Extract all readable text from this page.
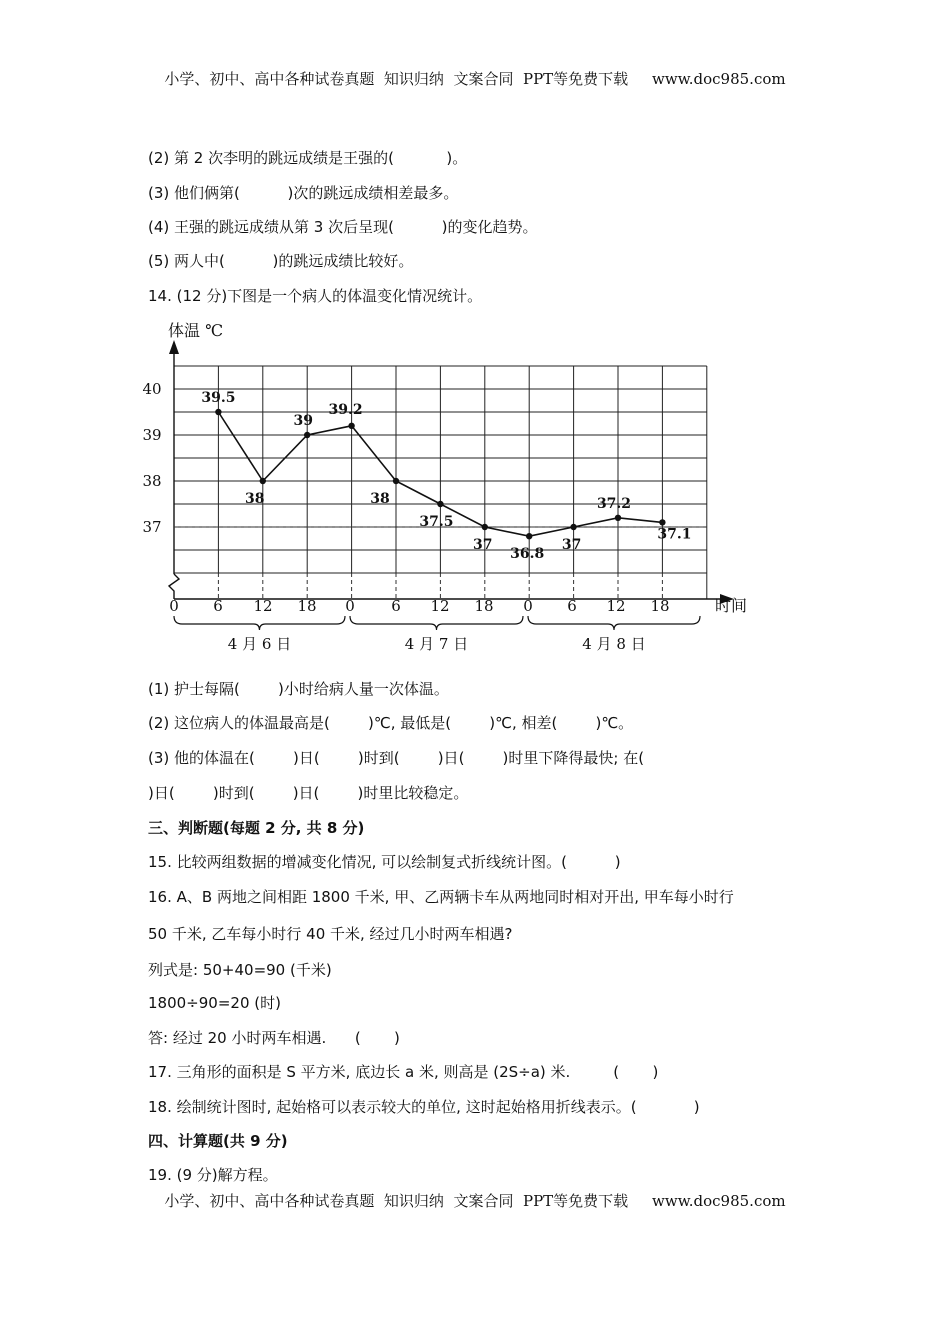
小学、初中、高中各种试卷真题  知识归纳  文案合同  PPT等免费下载     www.doc985.com
(2) 第 2 次李明的跳远成绩是王强的(           )。
(3) 他们俩第(          )次的跳远成绩相差最多。
(4) 王强的跳远成绩从第 3 次后呈现(          )的变化趋势。
(5) 两人中(          )的跳远成绩比较好。
14. (12 分)下图是一个病人的体温变化情况统计。
39.5
38
39
39.2
38
37.5
37
36.8
37
37.2
37.1
40
39
38
37
0 6 12 18 0 6 12 18 0 6 12 18
4 月 6 日	4 月 7 日	4 月 8 日
体温 ℃
时间
(1) 护士每隔(        )小时给病人量一次体温。
(2) 这位病人的体温最高是(        )℃, 最低是(        )℃, 相差(        )℃。
(3) 他的体温在(        )日(        )时到(        )日(        )时里下降得最快; 在(
)日(        )时到(        )日(        )时里比较稳定。
三、判断题(每题 2 分, 共 8 分)
15. 比较两组数据的增减变化情况, 可以绘制复式折线统计图。(          )
16. A、B 两地之间相距 1800 千米, 甲、乙两辆卡车从两地同时相对开出, 甲车每小时行
50 千米, 乙车每小时行 40 千米, 经过几小时两车相遇?
列式是: 50+40=90 (千米)
1800÷90=20 (时)
答: 经过 20 小时两车相遇.      (       )
17. 三角形的面积是 S 平方米, 底边长 a 米, 则高是 (2S÷a) 米.         (       )
18. 绘制统计图时, 起始格可以表示较大的单位, 这时起始格用折线表示。(            )
四、计算题(共 9 分)
19. (9 分)解方程。
小学、初中、高中各种试卷真题  知识归纳  文案合同  PPT等免费下载     www.doc985.com
